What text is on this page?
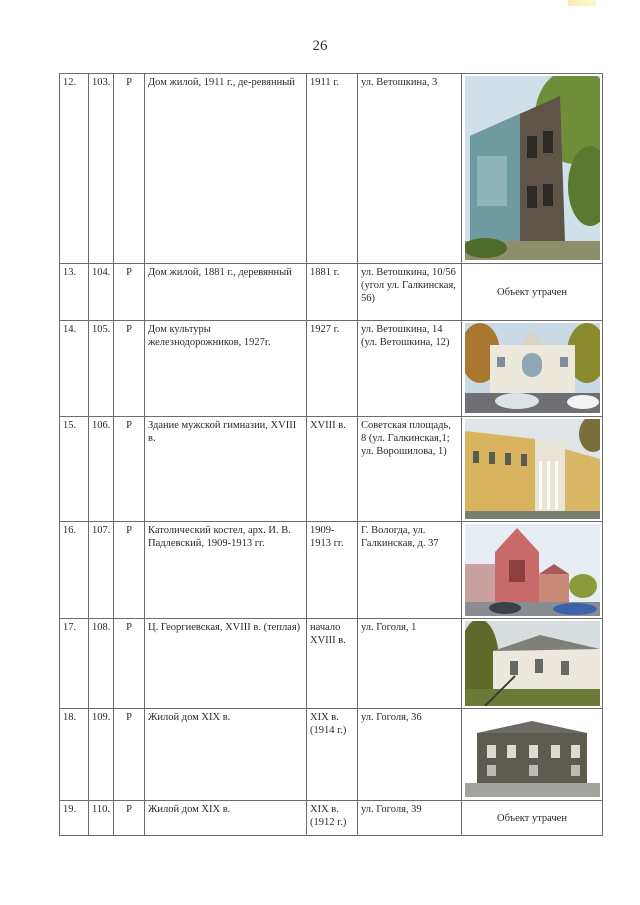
26
12.	103.	Р	Дом жилой, 1911 г., де-ревянный	1911 г.	ул. Ветошкина, 3	

13.	104.	Р	Дом жилой, 1881 г., деревянный	1881 г.	ул. Ветошкина, 10/56 (угол ул. Галкинская, 56)	Объект утрачен
14.	105.	Р	Дом культуры железнодорожников, 1927г.	1927 г.	ул. Ветошкина, 14 (ул. Ветошкина, 12)	

15.	106.	Р	Здание мужской гимназии, XVIII в.	XVIII в.	Советская площадь, 8 (ул. Галкинская,1; ул. Ворошилова, 1)	

16.	107.	Р	Католический костел, арх. И. В. Падлевский, 1909-1913 гг.	1909-1913 гг.	Г. Вологда, ул. Галкинская, д. 37	

17.	108.	Р	Ц. Георгиевская, XVIII в. (теплая)	начало XVIII в.	ул. Гоголя, 1	

18.	109.	Р	Жилой дом XIX в.	XIX в. (1914 г.)	ул. Гоголя, 36	

19.	110.	Р	Жилой дом XIX в.	XIX в. (1912 г.)	ул. Гоголя, 39	Объект утрачен
